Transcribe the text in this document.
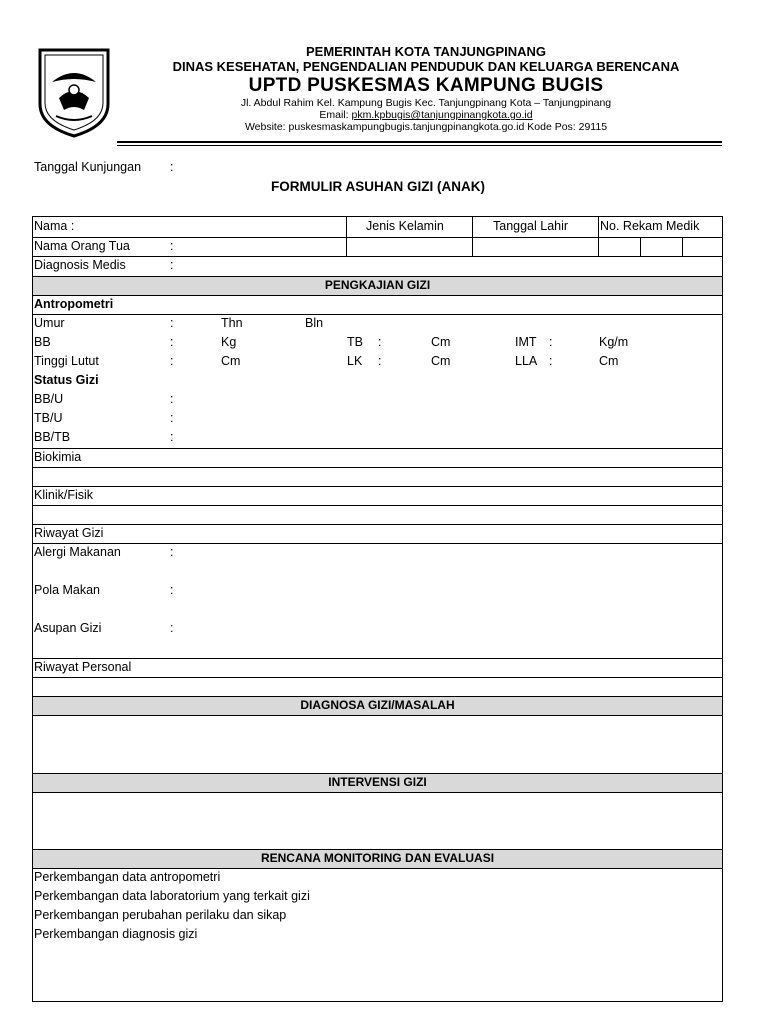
PEMERINTAH KOTA TANJUNGPINANG
DINAS KESEHATAN, PENGENDALIAN PENDUDUK DAN KELUARGA BERENCANA
UPTD PUSKESMAS KAMPUNG BUGIS
Jl. Abdul Rahim Kel. Kampung Bugis Kec. Tanjungpinang Kota – Tanjungpinang
Email: pkm.kpbugis@tanjungpinangkota.go.id
Website: puskesmaskampungbugis.tanjungpinangkota.go.id Kode Pos: 29115
Tanggal Kunjungan :
FORMULIR ASUHAN GIZI (ANAK)
Nama :	Jenis Kelamin	Tanggal Lahir	No. Rekam Medik
Nama Orang Tua	:
Diagnosis Medis	:
PENGKAJIAN GIZI
Antropometri
Umur	:	Thn	Bln
BB	:	Kg	TB :	Cm	IMT :	Kg/m
Tinggi Lutut	:	Cm	LK :	Cm	LLA :	Cm
Status Gizi
BB/U	:
TB/U	:
BB/TB	:
Biokimia
Klinik/Fisik
Riwayat Gizi
Alergi Makanan	:
Pola Makan	:
Asupan Gizi	:
Riwayat Personal
DIAGNOSA GIZI/MASALAH
INTERVENSI GIZI
RENCANA MONITORING DAN EVALUASI
Perkembangan data antropometri
Perkembangan data laboratorium yang terkait gizi
Perkembangan perubahan perilaku dan sikap
Perkembangan diagnosis gizi
